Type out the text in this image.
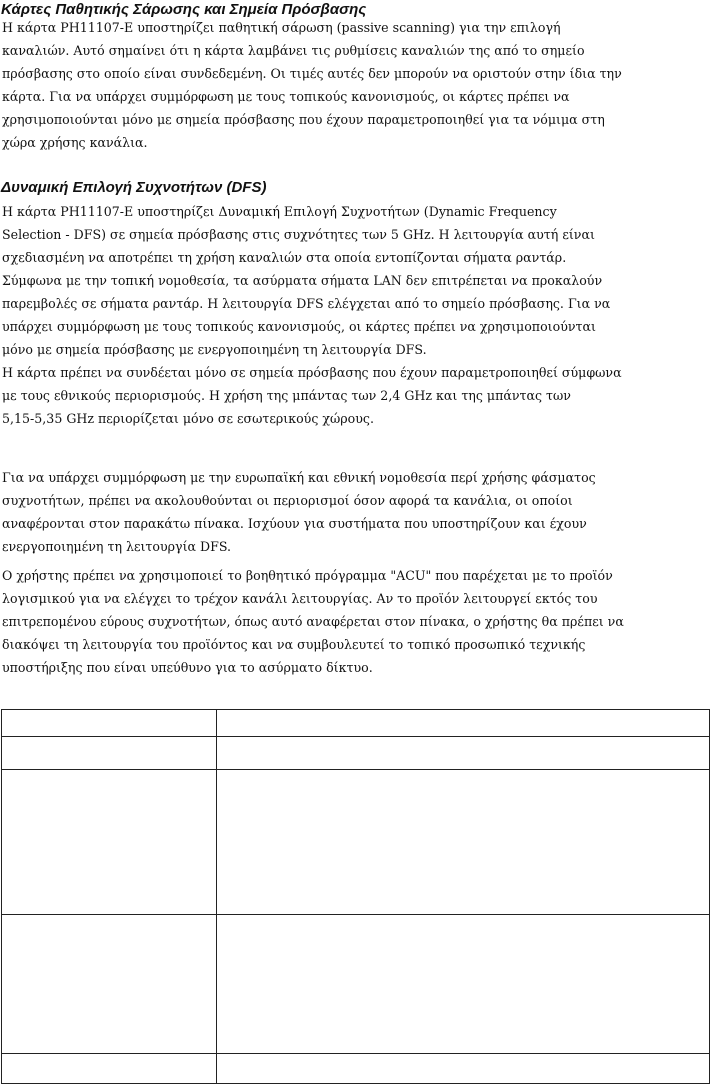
Κάρτες Παθητικής Σάρωσης και Σημεία Πρόσβασης
Η κάρτα PH11107-E υποστηρίζει παθητική σάρωση (passive scanning) για την επιλογή
καναλιών. Αυτό σημαίνει ότι η κάρτα λαμβάνει τις ρυθμίσεις καναλιών της από το σημείο
πρόσβασης στο οποίο είναι συνδεδεμένη. Οι τιμές αυτές δεν μπορούν να οριστούν στην ίδια την
κάρτα. Για να υπάρχει συμμόρφωση με τους τοπικούς κανονισμούς, οι κάρτες πρέπει να
χρησιμοποιούνται μόνο με σημεία πρόσβασης που έχουν παραμετροποιηθεί για τα νόμιμα στη
χώρα χρήσης κανάλια.
Δυναμική Επιλογή Συχνοτήτων (DFS)
Η κάρτα PH11107-E υποστηρίζει Δυναμική Επιλογή Συχνοτήτων (Dynamic Frequency
Selection - DFS) σε σημεία πρόσβασης στις συχνότητες των 5 GHz. Η λειτουργία αυτή είναι
σχεδιασμένη να αποτρέπει τη χρήση καναλιών στα οποία εντοπίζονται σήματα ραντάρ.
Σύμφωνα με την τοπική νομοθεσία, τα ασύρματα σήματα LAN δεν επιτρέπεται να προκαλούν
παρεμβολές σε σήματα ραντάρ. Η λειτουργία DFS ελέγχεται από το σημείο πρόσβασης. Για να
υπάρχει συμμόρφωση με τους τοπικούς κανονισμούς, οι κάρτες πρέπει να χρησιμοποιούνται
μόνο με σημεία πρόσβασης με ενεργοποιημένη τη λειτουργία DFS.
Η κάρτα πρέπει να συνδέεται μόνο σε σημεία πρόσβασης που έχουν παραμετροποιηθεί σύμφωνα
με τους εθνικούς περιορισμούς. Η χρήση της μπάντας των 2,4 GHz και της μπάντας των
5,15-5,35 GHz περιορίζεται μόνο σε εσωτερικούς χώρους.
Για να υπάρχει συμμόρφωση με την ευρωπαϊκή και εθνική νομοθεσία περί χρήσης φάσματος
συχνοτήτων, πρέπει να ακολουθούνται οι περιορισμοί όσον αφορά τα κανάλια, οι οποίοι
αναφέρονται στον παρακάτω πίνακα. Ισχύουν για συστήματα που υποστηρίζουν και έχουν
ενεργοποιημένη τη λειτουργία DFS.
Ο χρήστης πρέπει να χρησιμοποιεί το βοηθητικό πρόγραμμα "ACU" που παρέχεται με το προϊόν
λογισμικού για να ελέγχει το τρέχον κανάλι λειτουργίας. Αν το προϊόν λειτουργεί εκτός του
επιτρεπομένου εύρους συχνοτήτων, όπως αυτό αναφέρεται στον πίνακα, ο χρήστης θα πρέπει να
διακόψει τη λειτουργία του προϊόντος και να συμβουλευτεί το τοπικό προσωπικό τεχνικής
υποστήριξης που είναι υπεύθυνο για το ασύρματο δίκτυο.
